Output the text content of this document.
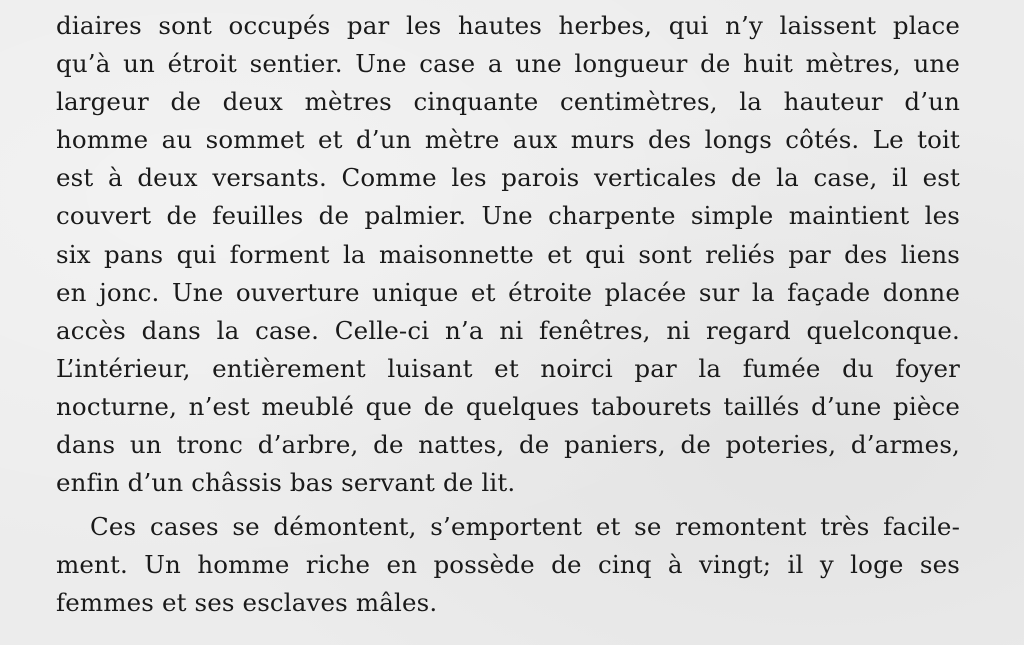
diaires sont occupés par les hautes herbes, qui n’y laissent place
qu’à un étroit sentier. Une case a une longueur de huit mètres, une
largeur de deux mètres cinquante centimètres, la hauteur d’un
homme au sommet et d’un mètre aux murs des longs côtés. Le toit
est à deux versants. Comme les parois verticales de la case, il est
couvert de feuilles de palmier. Une charpente simple maintient les
six pans qui forment la maisonnette et qui sont reliés par des liens
en jonc. Une ouverture unique et étroite placée sur la façade donne
accès dans la case. Celle-ci n’a ni fenêtres, ni regard quelconque.
L’intérieur, entièrement luisant et noirci par la fumée du foyer
nocturne, n’est meublé que de quelques tabourets taillés d’une pièce
dans un tronc d’arbre, de nattes, de paniers, de poteries, d’armes,
enfin d’un châssis bas servant de lit.
Ces cases se démontent, s’emportent et se remontent très facile-
ment. Un homme riche en possède de cinq à vingt; il y loge ses
femmes et ses esclaves mâles.
